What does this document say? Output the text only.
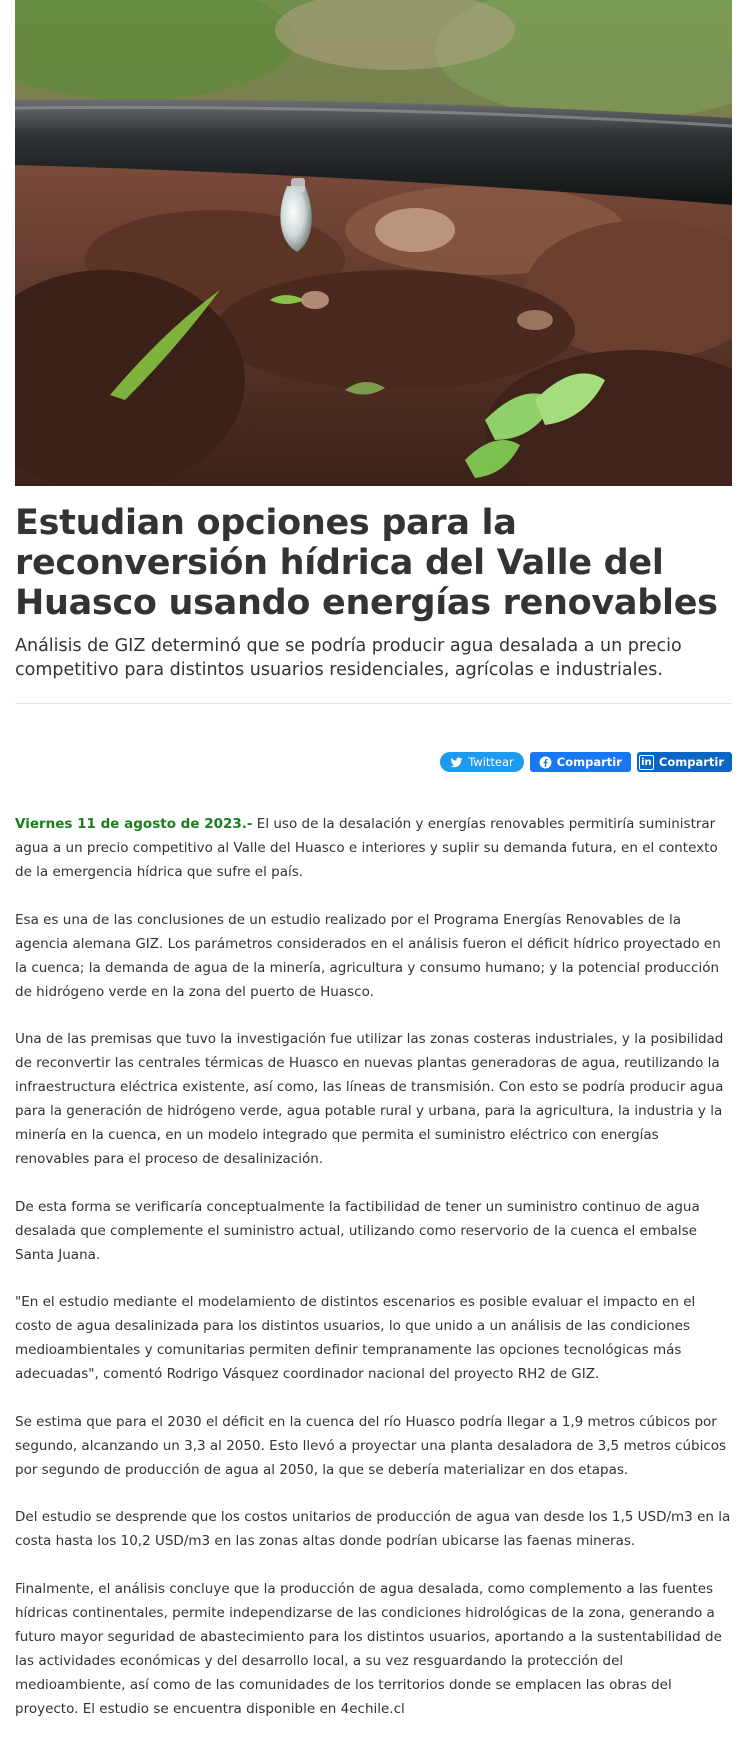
Estudian opciones para la reconversión hídrica del Valle del Huasco usando energías renovables

Análisis de GIZ determinó que se podría producir agua desalada a un precio competitivo para distintos usuarios residenciales, agrícolas e industriales.

Twittear	Compartir in Compartir

Viernes 11 de agosto de 2023.- El uso de la desalación y energías renovables permitiría suministrar agua a un precio competitivo al Valle del Huasco e interiores y suplir su demanda futura, en el contexto de la emergencia hídrica que sufre el país.

Esa es una de las conclusiones de un estudio realizado por el Programa Energías Renovables de la agencia alemana GIZ. Los parámetros considerados en el análisis fueron el déficit hídrico proyectado en la cuenca; la demanda de agua de la minería, agricultura y consumo humano; y la potencial producción de hidrógeno verde en la zona del puerto de Huasco.

Una de las premisas que tuvo la investigación fue utilizar las zonas costeras industriales, y la posibilidad de reconvertir las centrales térmicas de Huasco en nuevas plantas generadoras de agua, reutilizando la infraestructura eléctrica existente, así como, las líneas de transmisión. Con esto se podría producir agua para la generación de hidrógeno verde, agua potable rural y urbana, para la agricultura, la industria y la minería en la cuenca, en un modelo integrado que permita el suministro eléctrico con energías renovables para el proceso de desalinización.

De esta forma se verificaría conceptualmente la factibilidad de tener un suministro continuo de agua desalada que complemente el suministro actual, utilizando como reservorio de la cuenca el embalse Santa Juana.

"En el estudio mediante el modelamiento de distintos escenarios es posible evaluar el impacto en el costo de agua desalinizada para los distintos usuarios, lo que unido a un análisis de las condiciones medioambientales y comunitarias permiten definir tempranamente las opciones tecnológicas más adecuadas", comentó Rodrigo Vásquez coordinador nacional del proyecto RH2 de GIZ.

Se estima que para el 2030 el déficit en la cuenca del río Huasco podría llegar a 1,9 metros cúbicos por segundo, alcanzando un 3,3 al 2050. Esto llevó a proyectar una planta desaladora de 3,5 metros cúbicos por segundo de producción de agua al 2050, la que se debería materializar en dos etapas.

Del estudio se desprende que los costos unitarios de producción de agua van desde los 1,5 USD/m3 en la costa hasta los 10,2 USD/m3 en las zonas altas donde podrían ubicarse las faenas mineras.

Finalmente, el análisis concluye que la producción de agua desalada, como complemento a las fuentes hídricas continentales, permite independizarse de las condiciones hidrológicas de la zona, generando a futuro mayor seguridad de abastecimiento para los distintos usuarios, aportando a la sustentabilidad de las actividades económicas y del desarrollo local, a su vez resguardando la protección del medioambiente, así como de las comunidades de los territorios donde se emplacen las obras del proyecto. El estudio se encuentra disponible en 4echile.cl
